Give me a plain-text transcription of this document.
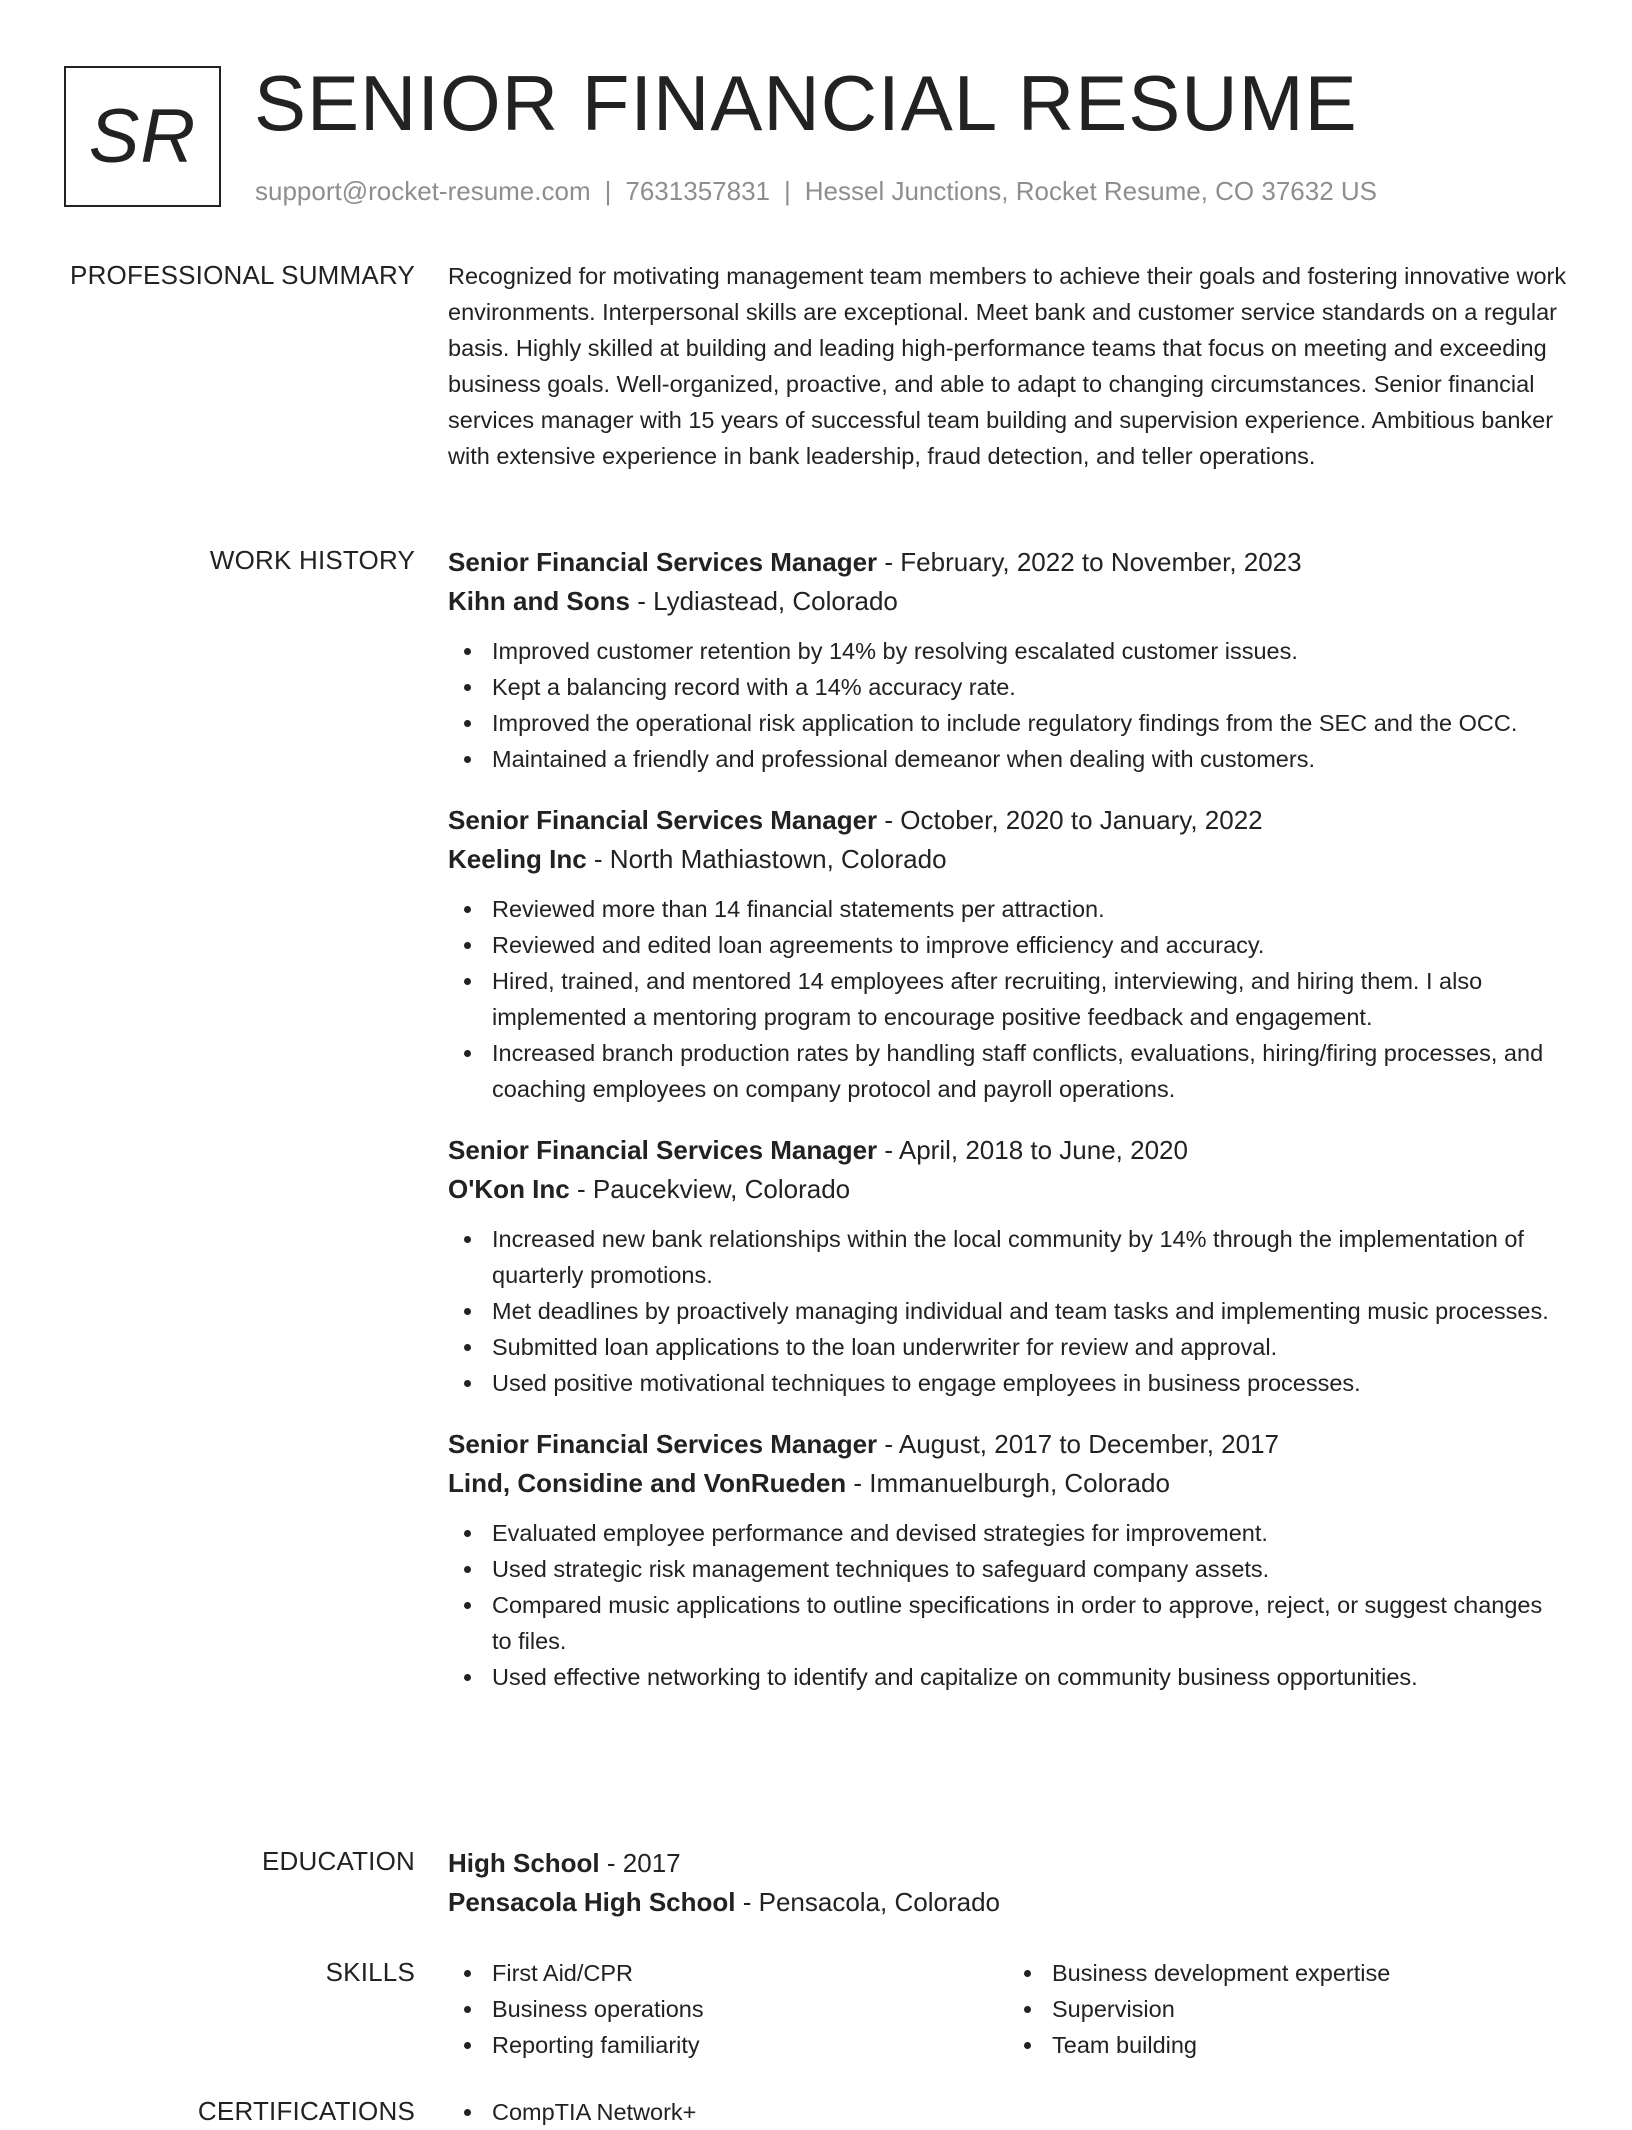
SR SENIOR FINANCIAL RESUME
support@rocket-resume.com | 7631357831 | Hessel Junctions, Rocket Resume, CO 37632 US
PROFESSIONAL SUMMARY Recognized for motivating management team members to achieve their goals and fostering innovative work environments. Interpersonal skills are exceptional. Meet bank and customer service standards on a regular basis. Highly skilled at building and leading high-performance teams that focus on meeting and exceeding business goals. Well-organized, proactive, and able to adapt to changing circumstances. Senior financial services manager with 15 years of successful team building and supervision experience. Ambitious banker with extensive experience in bank leadership, fraud detection, and teller operations.

WORK HISTORY Senior Financial Services Manager - February, 2022 to November, 2023
Kihn and Sons - Lydiastead, Colorado
Improved customer retention by 14% by resolving escalated customer issues.
Kept a balancing record with a 14% accuracy rate.
Improved the operational risk application to include regulatory findings from the SEC and the OCC.
Maintained a friendly and professional demeanor when dealing with customers.
Senior Financial Services Manager - October, 2020 to January, 2022
Keeling Inc - North Mathiastown, Colorado
Reviewed more than 14 financial statements per attraction.
Reviewed and edited loan agreements to improve efficiency and accuracy.
Hired, trained, and mentored 14 employees after recruiting, interviewing, and hiring them. I also implemented a mentoring program to encourage positive feedback and engagement.
Increased branch production rates by handling staff conflicts, evaluations, hiring/firing processes, and coaching employees on company protocol and payroll operations.
Senior Financial Services Manager - April, 2018 to June, 2020
O'Kon Inc - Paucekview, Colorado
Increased new bank relationships within the local community by 14% through the implementation of quarterly promotions.
Met deadlines by proactively managing individual and team tasks and implementing music processes.
Submitted loan applications to the loan underwriter for review and approval.
Used positive motivational techniques to engage employees in business processes.
Senior Financial Services Manager - August, 2017 to December, 2017
Lind, Considine and VonRueden - Immanuelburgh, Colorado
Evaluated employee performance and devised strategies for improvement.
Used strategic risk management techniques to safeguard company assets.
Compared music applications to outline specifications in order to approve, reject, or suggest changes to files.
Used effective networking to identify and capitalize on community business opportunities.
EDUCATION High School - 2017
Pensacola High School - Pensacola, Colorado
SKILLS	First Aid/CPR
Business operations
Reporting familiarity
Business development expertise
Supervision
Team building
CERTIFICATIONS	CompTIA Network+
